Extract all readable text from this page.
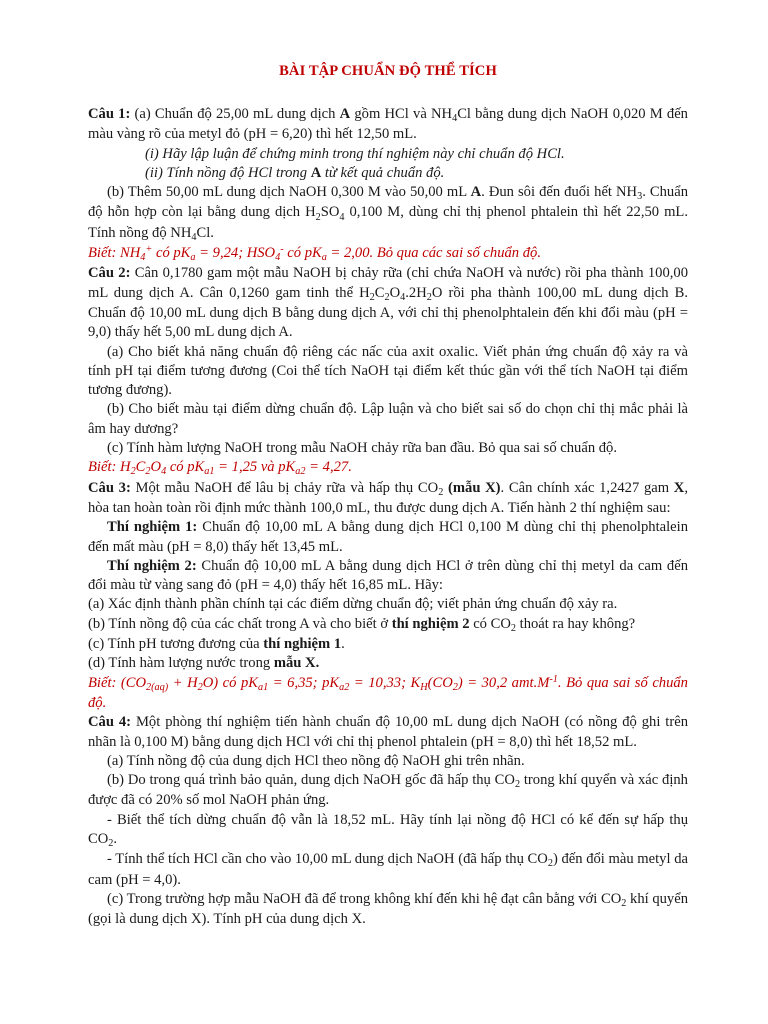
BÀI TẬP CHUẨN ĐỘ THỂ TÍCH

Câu 1: (a) Chuẩn độ 25,00 mL dung dịch A gồm HCl và $NH_4Cl$ bằng dung dịch NaOH 0,020 M đến màu vàng rõ của metyl đỏ (pH = 6,20) thì hết 12,50 mL.

(i) Hãy lập luận để chứng minh trong thí nghiệm này chỉ chuẩn độ HCl.

(ii) Tính nồng độ HCl trong A từ kết quả chuẩn độ.

(b) Thêm 50,00 mL dung dịch NaOH 0,300 M vào 50,00 mL A. Đun sôi đến đuổi hết $NH_3$. Chuẩn độ hỗn hợp còn lại bằng dung dịch $H_2SO_4$ 0,100 M, dùng chỉ thị phenol phtalein thì hết 22,50 mL. Tính nồng độ $NH_4Cl$.

Biết: $NH_4^+$ có $pK_a = 9,24$; $HSO_4^-$ có $pK_a = 2,00$. Bỏ qua các sai số chuẩn độ.

Câu 2: Cân 0,1780 gam một mẫu NaOH bị chảy rữa (chỉ chứa NaOH và nước) rồi pha thành 100,00 mL dung dịch A. Cân 0,1260 gam tinh thể $H_2C_2O_4.2H_2O$ rồi pha thành 100,00 mL dung dịch B. Chuẩn độ 10,00 mL dung dịch B bằng dung dịch A, với chỉ thị phenolphtalein đến khi đổi màu (pH = 9,0) thấy hết 5,00 mL dung dịch A.

(a) Cho biết khả năng chuẩn độ riêng các nấc của axit oxalic. Viết phản ứng chuẩn độ xảy ra và tính pH tại điểm tương đương (Coi thể tích NaOH tại điểm kết thúc gần với thể tích NaOH tại điểm tương đương).

(b) Cho biết màu tại điểm dừng chuẩn độ. Lập luận và cho biết sai số do chọn chỉ thị mắc phải là âm hay dương?

(c) Tính hàm lượng NaOH trong mẫu NaOH chảy rữa ban đầu. Bỏ qua sai số chuẩn độ.

Biết: $H_2C_2O_4$ có $pK_{a1} = 1,25$ và $pK_{a2} = 4,27$.

Câu 3: Một mẫu NaOH để lâu bị chảy rữa và hấp thụ $CO_2$ (mẫu X). Cân chính xác 1,2427 gam X, hòa tan hoàn toàn rồi định mức thành 100,0 mL, thu được dung dịch A. Tiến hành 2 thí nghiệm sau:

Thí nghiệm 1: Chuẩn độ 10,00 mL A bằng dung dịch HCl 0,100 M dùng chỉ thị phenolphtalein đến mất màu (pH = 8,0) thấy hết 13,45 mL.

Thí nghiệm 2: Chuẩn độ 10,00 mL A bằng dung dịch HCl ở trên dùng chỉ thị metyl da cam đến đổi màu từ vàng sang đỏ (pH = 4,0) thấy hết 16,85 mL. Hãy:

(a) Xác định thành phần chính tại các điểm dừng chuẩn độ; viết phản ứng chuẩn độ xảy ra.

(b) Tính nồng độ của các chất trong A và cho biết ở thí nghiệm 2 có $CO_2$ thoát ra hay không?

(c) Tính pH tương đương của thí nghiệm 1.

(d) Tính hàm lượng nước trong mẫu X.

Biết: $(CO_{2(aq)} + H_2O)$ có $pK_{a1} = 6,35$; $pK_{a2} = 10,33$; $K_H(CO_2) = 30,2$ $amt.M^{-1}$. Bỏ qua sai số chuẩn độ.

Câu 4: Một phòng thí nghiệm tiến hành chuẩn độ 10,00 mL dung dịch NaOH (có nồng độ ghi trên nhãn là 0,100 M) bằng dung dịch HCl với chỉ thị phenol phtalein (pH = 8,0) thì hết 18,52 mL.

(a) Tính nồng độ của dung dịch HCl theo nồng độ NaOH ghi trên nhãn.

(b) Do trong quá trình bảo quản, dung dịch NaOH gốc đã hấp thụ $CO_2$ trong khí quyển và xác định được đã có 20% số mol NaOH phản ứng.

- Biết thể tích dừng chuẩn độ vẫn là 18,52 mL. Hãy tính lại nồng độ HCl có kể đến sự hấp thụ $CO_2$.

- Tính thể tích HCl cần cho vào 10,00 mL dung dịch NaOH (đã hấp thụ $CO_2$) đến đổi màu metyl da cam (pH = 4,0).

(c) Trong trường hợp mẫu NaOH đã để trong không khí đến khi hệ đạt cân bằng với $CO_2$ khí quyển (gọi là dung dịch X). Tính pH của dung dịch X.
